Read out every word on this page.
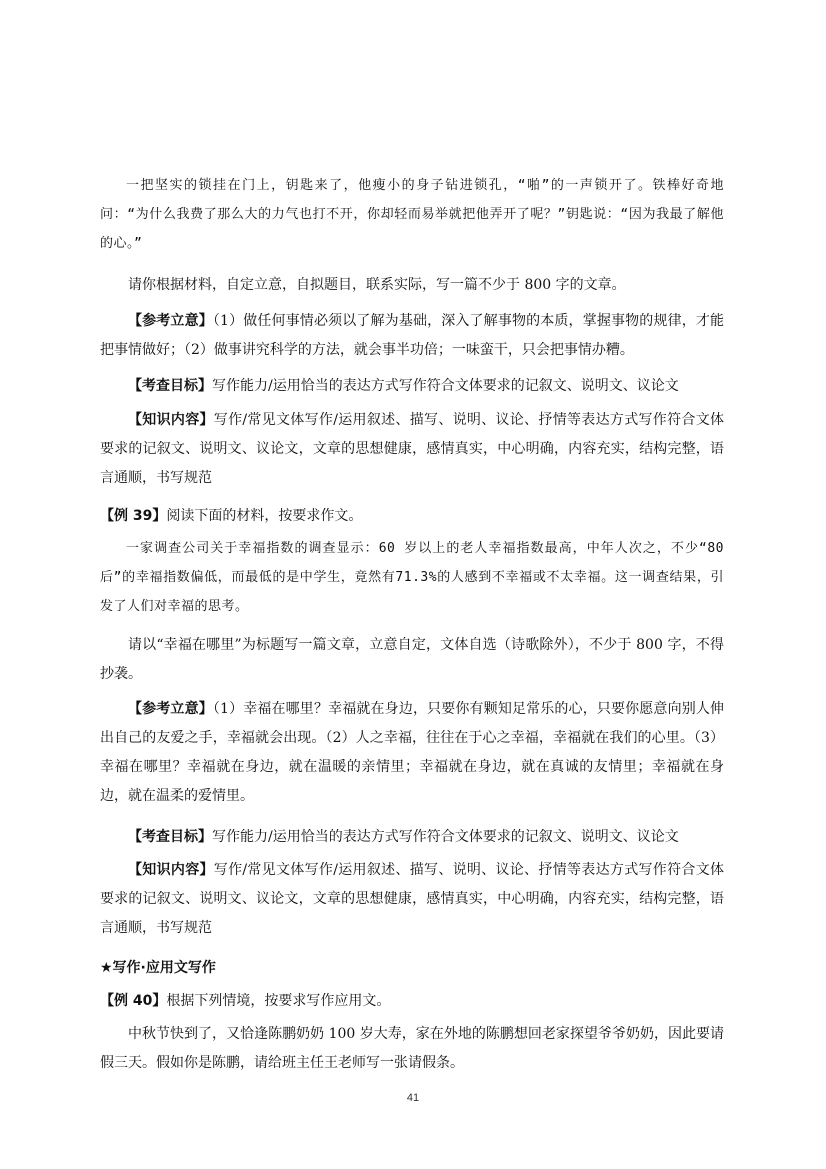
一把坚实的锁挂在门上，钥匙来了，他瘦小的身子钻进锁孔，“啪”的一声锁开了。铁棒好奇地问：“为什么我费了那么大的力气也打不开，你却轻而易举就把他弄开了呢？”钥匙说：“因为我最了解他的心。”

请你根据材料，自定立意，自拟题目，联系实际，写一篇不少于 800 字的文章。

【参考立意】（1）做任何事情必须以了解为基础，深入了解事物的本质，掌握事物的规律，才能把事情做好；（2）做事讲究科学的方法，就会事半功倍；一味蛮干，只会把事情办糟。

【考查目标】写作能力/运用恰当的表达方式写作符合文体要求的记叙文、说明文、议论文

【知识内容】写作/常见文体写作/运用叙述、描写、说明、议论、抒情等表达方式写作符合文体要求的记叙文、说明文、议论文，文章的思想健康，感情真实，中心明确，内容充实，结构完整，语言通顺，书写规范

【例 39】阅读下面的材料，按要求作文。

一家调查公司关于幸福指数的调查显示：60 岁以上的老人幸福指数最高，中年人次之，不少“80后”的幸福指数偏低，而最低的是中学生，竟然有71.3%的人感到不幸福或不太幸福。这一调查结果，引发了人们对幸福的思考。

请以“幸福在哪里”为标题写一篇文章，立意自定，文体自选（诗歌除外），不少于 800 字，不得抄袭。

【参考立意】（1）幸福在哪里？幸福就在身边，只要你有颗知足常乐的心，只要你愿意向别人伸出自己的友爱之手，幸福就会出现。（2）人之幸福，往往在于心之幸福，幸福就在我们的心里。（3）幸福在哪里？幸福就在身边，就在温暖的亲情里；幸福就在身边，就在真诚的友情里；幸福就在身边，就在温柔的爱情里。

【考查目标】写作能力/运用恰当的表达方式写作符合文体要求的记叙文、说明文、议论文

【知识内容】写作/常见文体写作/运用叙述、描写、说明、议论、抒情等表达方式写作符合文体要求的记叙文、说明文、议论文，文章的思想健康，感情真实，中心明确，内容充实，结构完整，语言通顺，书写规范

★写作·应用文写作

【例 40】根据下列情境，按要求写作应用文。

中秋节快到了，又恰逢陈鹏奶奶 100 岁大寿，家在外地的陈鹏想回老家探望爷爷奶奶，因此要请假三天。假如你是陈鹏，请给班主任王老师写一张请假条。

41
